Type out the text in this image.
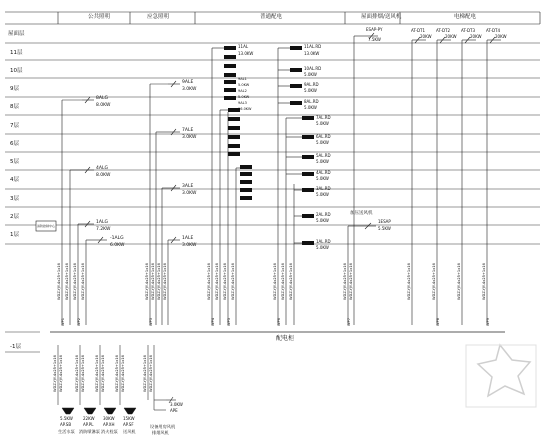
公共照明	应急照明	普通配电	屋面排烟/送风机	电梯配电
屋面层
11层
10层
9层
8层
7层
6层
5层
4层
3层
2层
1层
8ALG
8.0KW
4ALG
8.0KW
1ALG
7.2KW
-1ALG
6.0KW
消防控制中心
9ALE
3.0KW
7ALE
3.0KW
3ALE
3.0KW
1ALE
3.0KW
11AL
13.0KW
9AL1
5.0KW
9AL2
5.0KW
9AL3
16.0KW
11AL.RD
13.0KW
10AL.RD
5.0KW
9AL.RD
5.0KW
8AL.RD
5.0KW
7AL.RD
5.0KW
6AL.RD
5.0KW
5AL.RD
5.0KW
4AL.RD
5.0KW
3AL.RD
5.0KW
2AL.RD
5.0KW
1AL.RD
5.0KW
ESAP-PY
7.5KW
加压送风机
1ESAP
5.5KW
AT-DT1
20KW
AT-DT2
20KW
AT-DT3
20KW
AT-DT4
20KW
WDZ-YJY-4x25+1x16 WDZ-YJY-4x25+1x16 WDZ-YJY-4x25+1x16 WDZ-YJY-4x25+1x16	WDZ-YJY-4x25+1x16 WDZ-YJY-4x25+1x16 WDZ-YJY-4x25+1x16 WDZ-YJY-4x25+1x16	WDZ-YJY-4x25+1x16 WDZ-YJY-4x25+1x16 WDZ-YJY-4x25+1x16 WDZ-YJY-4x25+1x16	WDZ-YJY-4x25+1x16 WDZ-YJY-4x25+1x16 WDZ-YJY-4x25+1x16	WDZ-YJY-4x25+1x16 WDZ-YJY-4x25+1x16	WDZ-YJY-4x25+1x16	WDZ-YJY-4x25+1x16	WDZ-YJY-4x25+1x16	WDZ-YJY-4x25+1x16
WP1	WP2	WP3	WP4	WP5	WP6	WP7	WP8	WP9
配电柜
-1层
WDZ-YJY-4x25+1x16 WDZ-YJY-4x25+1x16	WDZ-YJY-4x25+1x16 WDZ-YJY-4x25+1x16	WDZ-YJY-4x25+1x16 WDZ-YJY-4x25+1x16	WDZ-YJY-4x25+1x16 WDZ-YJY-4x25+1x16	WDZ-YJY-4x25+1x16 WDZ-YJY-4x25+1x16
5.5KW
AP.SB
生活水泵
22KW
AP.PL
消防喷淋泵
30KW
AP.XH
消火栓泵
15KW
AP.SF
送风机
3.0KW
APE
设备用房风机
排烟风机
